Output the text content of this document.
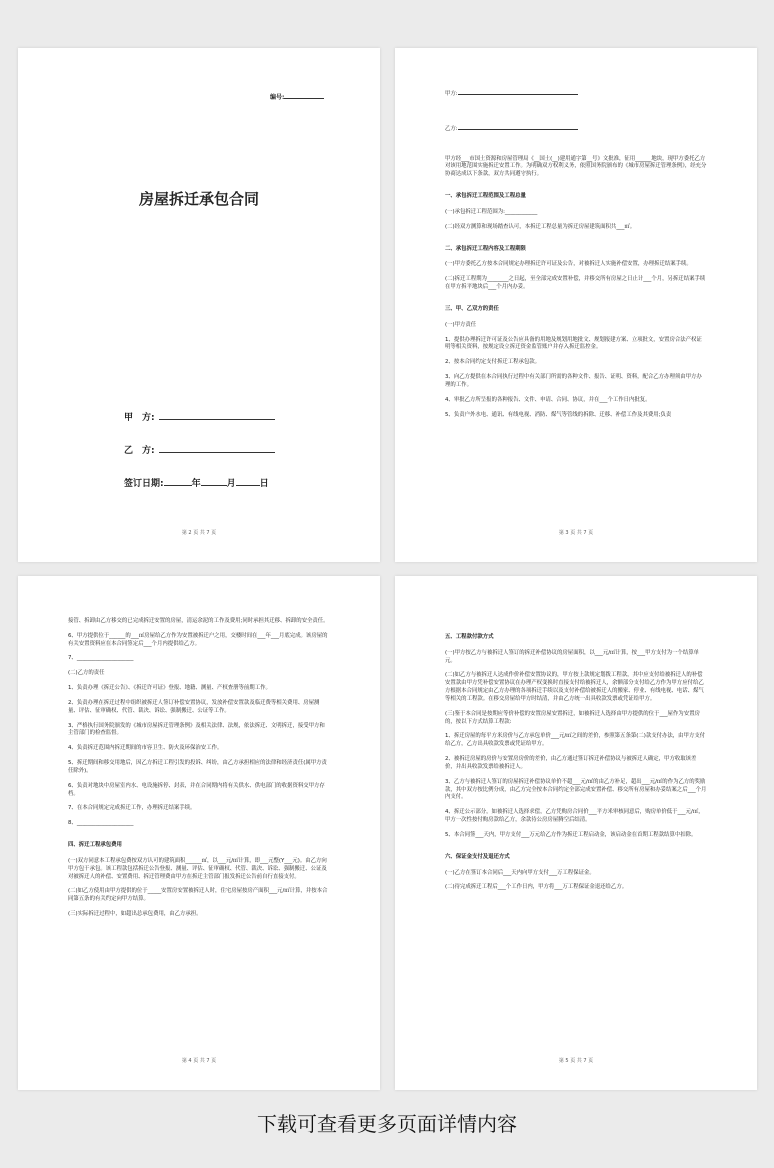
编号:
房屋拆迁承包合同
甲　方:
乙　方:
签订日期:	年	月	日
第 2 页 共 7 页

甲方:

乙方:

甲方经___市国土资源和房屋管理局《__国土(__)建用通字第__号》文批准，征用______地块，现甲方委托乙方对该用地范围实施拆迁安置工作。为明确双方权利义务，依照国务院颁布的《城市房屋拆迁管理条例》，经充分协商达成以下条款，双方共同遵守执行。

一、承包拆迁工程范围及工程总量

(一)承包拆迁工程范围为:____________

(二)经双方测算和现场踏查认可，本拆迁工程总量为拆迁房屋建筑面积共___㎡。

二、承包拆迁工程内容及工程期限

(一)甲方委托乙方按本合同规定办理拆迁许可证及公告，对被拆迁人实施补偿安置，办理拆迁结案手续。

(二)拆迁工程期为________之日起，至全部完成安置补偿，并移交所有房屋之日止计___个月，另拆迁结案手续在甲方拆平地块后___个月内办妥。

三、甲、乙双方的责任

(一)甲方责任

1、提供办理拆迁许可证及公告应具备的用地及规划用地批文、规划报建方案、立项批文，安置房合法产权证明等相关资料，按规定设立拆迁资金监管账户并存入拆迁监控金。

2、按本合同约定支付拆迁工程承包款。

3、向乙方提供在本合同执行过程中有关部门所需的各种文件、报告、证明、资料，配合乙方办理须由甲方办理的工作。

4、审批乙方所呈报的各种报告、文件、申请、合同、协议，并在___个工作日内批复。

5、负责户外水电、通讯、有线电视、消防、煤气等管线的拆除、迁移、补偿工作及其费用;负责

第 3 页 共 7 页

接管、拆卸由乙方移交的已完成拆迁安置的房屋，清运余泥的工作及费用;同时承担其迁移、拆卸的安全责任。

6、甲方提供位于______的___㎡房屋给乙方作为安置被拆迁户之用，交楼时间在___年___月底完成。该房屋的有关安置资料应在本合同签定后___个月内提供给乙方。

7、_____________________

(二)乙方的责任

1、负责办理《拆迁公告》、《拆迁许可证》登报、地籍、测量、产权查册等前期工作。

2、负责办理在拆迁过程中组织被拆迁人签订补偿安置协议，发放补偿安置款及临迁费等相关费用、房屋测量、评估、征审确权、代管、裁决、诉讼、强制搬迁、公证等工作。

3、严格执行国务院颁发的《城市房屋拆迁管理条例》及相关法律、法规，依法拆迁、文明拆迁，接受甲方和主管部门的检查监督。

4、负责拆迁范围内拆迁期间的市容卫生、防火及环保治安工作。

5、拆迁期间和移交用地后，因乙方拆迁工程引发的投诉、纠纷，由乙方承担相应的法律和经济责任(属甲方责任除外)。

6、负责对地块中房屋室内水、电设施拆停、封表，并在合同期内将有关供水、供电部门的收据资料交甲方存档。

7、在本合同规定完成拆迁工作，办理拆迁结案手续。

8、_____________________

四、拆迁工程承包费用

(一)双方同意本工程承包费按双方认可的建筑面积______㎡，以___元/㎡计算，即___元整(Y___元)。由乙方向甲方包干承包。该工程款包括拆迁公告登报、测量、评估、征审确权、代管、裁决、诉讼、强制搬迁、公证及对被拆迁人的补偿、安置费用、拆迁管理费由甲方在拆迁主管部门报发拆迁公告前自行直接支付。

(二)如乙方使用由甲方提供的位于_____安置房安置被拆迁人时，住宅房屋按房产面积___元/㎡计算，并按本合同第五条的有关约定向甲方结算。

(三)实际拆迁过程中，如超出总承包费用，由乙方承担。

第 4 页 共 7 页

五、工程款付款方式

(一)甲方按乙方与被拆迁人签订的拆迁补偿协议的房屋面积，以___元/㎡计算，按___甲方支付为一个结算单元。

(二)如乙方与被拆迁人达成作价补偿安置协议的，甲方按上款规定划拨工程款，其中应支付给被拆迁人的补偿安置款由甲方凭补偿安置协议在办理产权变换时直接支付给被拆迁人，余额部分支付给乙方作为甲方应付给乙方根据本合同规定由乙方办理的各项拆迁手续以及支付补偿给被拆迁人的搬家、停业、有线电视、电话、煤气等相关的工程款。在移交房屋给甲方时结清，并由乙方统一出具收款发票或凭证给甲方。

(三)鉴于本合同是按期应等价补偿的安置房屋安置拆迁，如被拆迁人选择由甲方提供的位于___屋作为安置房的，按以下方式结算工程款:

1、拆迁房屋的每平方米房价与乙方承包单价___元/㎡之间的差价，参照第五条第(二)款支付办法，由甲方支付给乙方，乙方出具收款发票或凭证给甲方。

2、被拆迁房屋的房价与安置房房价的差价，由乙方通过签订拆迁补偿协议与被拆迁人确定，甲方收取该差价，并出具收款发票给被拆迁人。

3、乙方与被拆迁人签订的房屋拆迁补偿协议单价不超___元/㎡的由乙方补足，超出___元/㎡的作为乙方的奖励款，其中双方按比例分成，由乙方完全按本合同约定全部完成安置补偿、移交所有房屋和办妥结案之后___个月内支付。

4、拆迁公示部分，如被拆迁人选择求偿，乙方凭购房合同价___平方米审核同意后，购房单价低于___元/㎡，甲方一次性按付购房款给乙方，余款待公房房屋腾空后结清。

5、本合同签___天内，甲方支付___万元给乙方作为拆迁工程启动金，该启动金在首期工程款结算中扣除。

六、保证金支付及退还方式

(一)乙方在签订本合同后___天内向甲方支付___万工程保证金。

(二)待完成拆迁工程后___个工作日内，甲方将___万工程保证金退还给乙方。

第 5 页 共 7 页
下载可查看更多页面详情内容
